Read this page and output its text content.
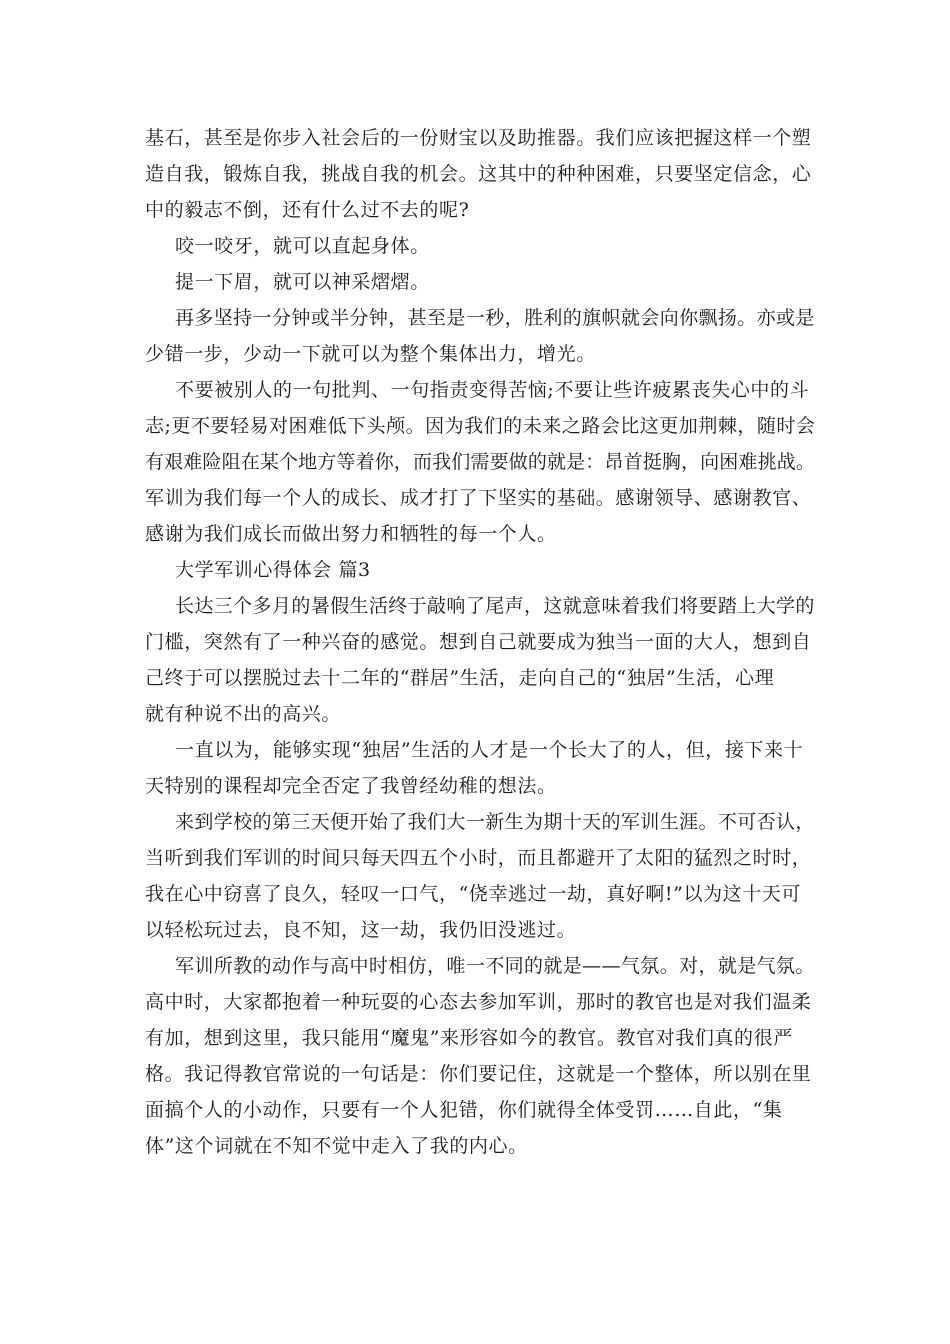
基石，甚至是你步入社会后的一份财宝以及助推器。我们应该把握这样一个塑
造自我，锻炼自我，挑战自我的机会。这其中的种种困难，只要坚定信念，心
中的毅志不倒，还有什么过不去的呢?
咬一咬牙，就可以直起身体。
提一下眉，就可以神采熠熠。
再多坚持一分钟或半分钟，甚至是一秒，胜利的旗帜就会向你飘扬。亦或是
少错一步，少动一下就可以为整个集体出力，增光。
不要被别人的一句批判、一句指责变得苦恼;不要让些许疲累丧失心中的斗
志;更不要轻易对困难低下头颅。因为我们的未来之路会比这更加荆棘，随时会
有艰难险阻在某个地方等着你，而我们需要做的就是：昂首挺胸，向困难挑战。
军训为我们每一个人的成长、成才打了下坚实的基础。感谢领导、感谢教官、
感谢为我们成长而做出努力和牺牲的每一个人。
大学军训心得体会 篇3
长达三个多月的暑假生活终于敲响了尾声，这就意味着我们将要踏上大学的
门槛，突然有了一种兴奋的感觉。想到自己就要成为独当一面的大人，想到自
己终于可以摆脱过去十二年的“群居”生活，走向自己的“独居”生活，心理
就有种说不出的高兴。
一直以为，能够实现“独居”生活的人才是一个长大了的人，但，接下来十
天特别的课程却完全否定了我曾经幼稚的想法。
来到学校的第三天便开始了我们大一新生为期十天的军训生涯。不可否认，
当听到我们军训的时间只每天四五个小时，而且都避开了太阳的猛烈之时时，
我在心中窃喜了良久，轻叹一口气，“侥幸逃过一劫，真好啊!”以为这十天可
以轻松玩过去，良不知，这一劫，我仍旧没逃过。
军训所教的动作与高中时相仿，唯一不同的就是——气氛。对，就是气氛。
高中时，大家都抱着一种玩耍的心态去参加军训，那时的教官也是对我们温柔
有加，想到这里，我只能用“魔鬼”来形容如今的教官。教官对我们真的很严
格。我记得教官常说的一句话是：你们要记住，这就是一个整体，所以别在里
面搞个人的小动作，只要有一个人犯错，你们就得全体受罚……自此，“集
体”这个词就在不知不觉中走入了我的内心。
